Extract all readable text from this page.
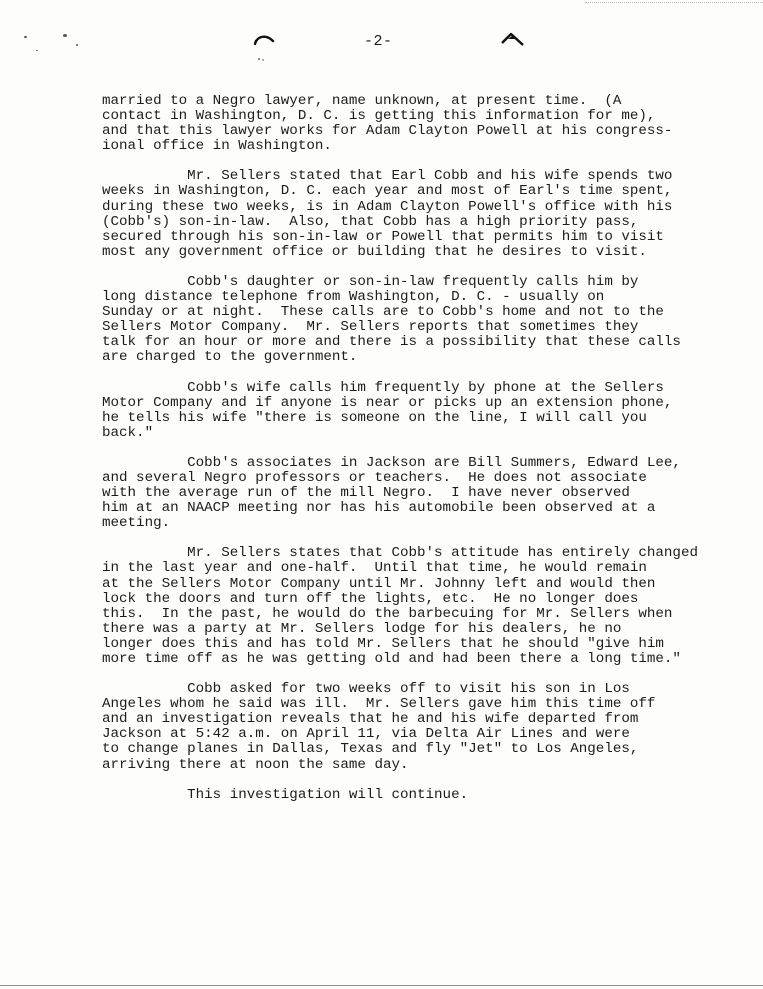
-2-
married to a Negro lawyer, name unknown, at present time.  (A
contact in Washington, D. C. is getting this information for me),
and that this lawyer works for Adam Clayton Powell at his congress-
ional office in Washington.
Mr. Sellers stated that Earl Cobb and his wife spends two
weeks in Washington, D. C. each year and most of Earl's time spent,
during these two weeks, is in Adam Clayton Powell's office with his
(Cobb's) son-in-law.  Also, that Cobb has a high priority pass,
secured through his son-in-law or Powell that permits him to visit
most any government office or building that he desires to visit.
Cobb's daughter or son-in-law frequently calls him by
long distance telephone from Washington, D. C. - usually on
Sunday or at night.  These calls are to Cobb's home and not to the
Sellers Motor Company.  Mr. Sellers reports that sometimes they
talk for an hour or more and there is a possibility that these calls
are charged to the government.
Cobb's wife calls him frequently by phone at the Sellers
Motor Company and if anyone is near or picks up an extension phone,
he tells his wife "there is someone on the line, I will call you
back."
Cobb's associates in Jackson are Bill Summers, Edward Lee,
and several Negro professors or teachers.  He does not associate
with the average run of the mill Negro.  I have never observed
him at an NAACP meeting nor has his automobile been observed at a
meeting.
Mr. Sellers states that Cobb's attitude has entirely changed
in the last year and one-half.  Until that time, he would remain
at the Sellers Motor Company until Mr. Johnny left and would then
lock the doors and turn off the lights, etc.  He no longer does
this.  In the past, he would do the barbecuing for Mr. Sellers when
there was a party at Mr. Sellers lodge for his dealers, he no
longer does this and has told Mr. Sellers that he should "give him
more time off as he was getting old and had been there a long time."
Cobb asked for two weeks off to visit his son in Los
Angeles whom he said was ill.  Mr. Sellers gave him this time off
and an investigation reveals that he and his wife departed from
Jackson at 5:42 a.m. on April 11, via Delta Air Lines and were
to change planes in Dallas, Texas and fly "Jet" to Los Angeles,
arriving there at noon the same day.
This investigation will continue.
